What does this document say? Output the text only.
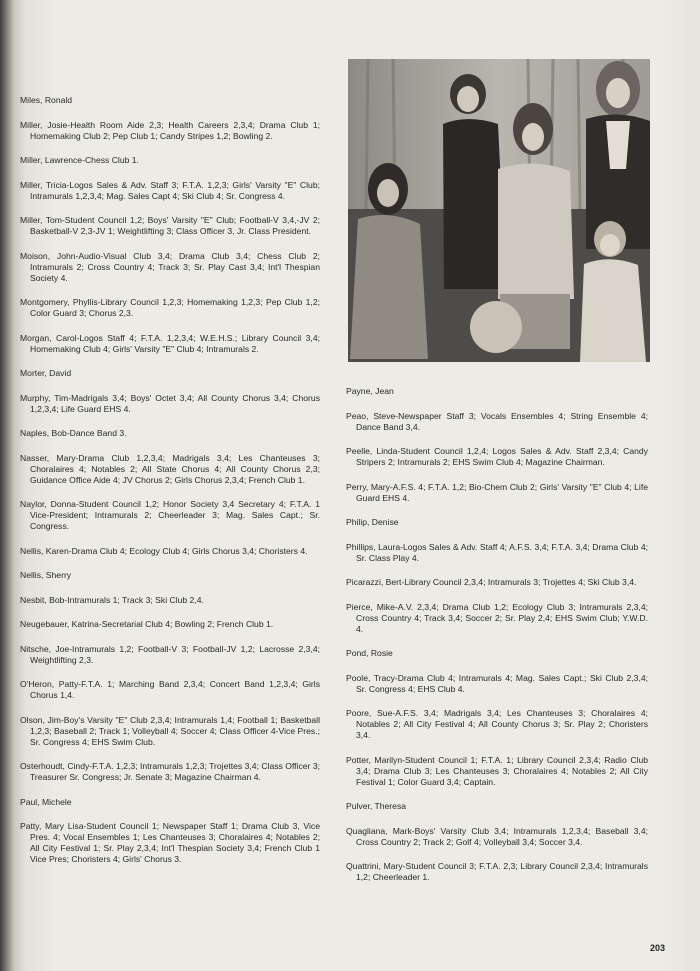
Miles, Ronald

Miller, Josie-Health Room Aide 2,3; Health Careers 2,3,4; Drama Club 1; Homemaking Club 2; Pep Club 1; Candy Stripes 1,2; Bowling 2.

Miller, Lawrence-Chess Club 1.

Miller, Tricia-Logos Sales & Adv. Staff 3; F.T.A. 1,2,3; Girls' Varsity "E" Club; Intramurals 1,2,3,4; Mag. Sales Capt 4; Ski Club 4; Sr. Congress 4.

Miller, Tom-Student Council 1,2; Boys' Varsity "E" Club; Football-V 3,4,-JV 2; Basketball-V 2,3-JV 1; Weightlifting 3; Class Officer 3, Jr. Class President.

Moison, John-Audio-Visual Club 3,4; Drama Club 3,4; Chess Club 2; Intramurals 2; Cross Country 4; Track 3; Sr. Play Cast 3,4; Int'l Thespian Society 4.

Montgomery, Phyllis-Library Council 1,2,3; Homemaking 1,2,3; Pep Club 1,2; Color Guard 3; Chorus 2,3.

Morgan, Carol-Logos Staff 4; F.T.A. 1,2,3,4; W.E.H.S.; Library Council 3,4; Homemaking Club 4; Girls' Varsity "E" Club 4; Intramurals 2.

Morter, David

Murphy, Tim-Madrigals 3,4; Boys' Octet 3,4; All County Chorus 3,4; Chorus 1,2,3,4; Life Guard EHS 4.

Naples, Bob-Dance Band 3.

Nasser, Mary-Drama Club 1,2,3,4; Madrigals 3,4; Les Chanteuses 3; Choralaires 4; Notables 2; All State Chorus 4; All County Chorus 2,3; Guidance Office Aide 4; JV Chorus 2; Girls Chorus 2,3,4; French Club 1.

Naylor, Donna-Student Council 1,2; Honor Society 3,4 Secretary 4; F.T.A. 1 Vice-President; Intramurals 2; Cheerleader 3; Mag. Sales Capt.; Sr. Congress.

Nellis, Karen-Drama Club 4; Ecology Club 4; Girls Chorus 3,4; Choristers 4.

Nellis, Sherry

Nesbit, Bob-Intramurals 1; Track 3; Ski Club 2,4.

Neugebauer, Katrina-Secretarial Club 4; Bowling 2; French Club 1.

Nitsche, Joe-Intramurals 1,2; Football-V 3; Football-JV 1,2; Lacrosse 2,3,4; Weightlifting 2,3.

O'Heron, Patty-F.T.A. 1; Marching Band 2,3,4; Concert Band 1,2,3,4; Girls Chorus 1,4.

Olson, Jim-Boy's Varsity "E" Club 2,3,4; Intramurals 1,4; Football 1; Basketball 1,2,3; Baseball 2; Track 1; Volleyball 4; Soccer 4; Class Officer 4-Vice Pres.; Sr. Congress 4; EHS Swim Club.

Osterhoudt, Cindy-F.T.A. 1,2,3; Intramurals 1,2,3; Trojettes 3,4; Class Officer 3; Treasurer Sr. Congress; Jr. Senate 3; Magazine Chairman 4.

Paul, Michele

Patty, Mary Lisa-Student Council 1; Newspaper Staff 1; Drama Club 3, Vice Pres. 4; Vocal Ensembles 1; Les Chanteuses 3; Choralaires 4; Notables 2; All City Festival 1; Sr. Play 2,3,4; Int'l Thespian Society 3,4; French Club 1 Vice Pres; Choristers 4; Girls' Chorus 3.

Payne, Jean

Peao, Steve-Newspaper Staff 3; Vocals Ensembles 4; String Ensemble 4; Dance Band 3,4.

Peelle, Linda-Student Council 1,2,4; Logos Sales & Adv. Staff 2,3,4; Candy Stripers 2; Intramurals 2; EHS Swim Club 4; Magazine Chairman.

Perry, Mary-A.F.S. 4; F.T.A. 1,2; Bio-Chem Club 2; Girls' Varsity "E" Club 4; Life Guard EHS 4.

Philip, Denise

Phillips, Laura-Logos Sales & Adv. Staff 4; A.F.S. 3,4; F.T.A. 3,4; Drama Club 4; Sr. Class Play 4.

Picarazzi, Bert-Library Council 2,3,4; Intramurals 3; Trojettes 4; Ski Club 3,4.

Pierce, Mike-A.V. 2,3,4; Drama Club 1,2; Ecology Club 3; Intramurals 2,3,4; Cross Country 4; Track 3,4; Soccer 2; Sr. Play 2,4; EHS Swim Club; Y.W.D. 4.

Pond, Rosie

Poole, Tracy-Drama Club 4; Intramurals 4; Mag. Sales Capt.; Ski Club 2,3,4; Sr. Congress 4; EHS Club 4.

Poore, Sue-A.F.S. 3,4; Madrigals 3,4; Les Chanteuses 3; Choralaires 4; Notables 2; All City Festival 4; All County Chorus 3; Sr. Play 2; Choristers 3,4.

Potter, Marilyn-Student Council 1; F.T.A. 1; Library Council 2,3,4; Radio Club 3,4; Drama Club 3; Les Chanteuses 3; Choralaires 4; Notables 2; All City Festival 1; Color Guard 3,4; Captain.

Pulver, Theresa

Quagliana, Mark-Boys' Varsity Club 3,4; Intramurals 1,2,3,4; Baseball 3,4; Cross Country 2; Track 2; Golf 4; Volleyball 3,4; Soccer 3,4.

Quattrini, Mary-Student Council 3; F.T.A. 2,3; Library Council 2,3,4; Intramurals 1,2; Cheerleader 1.

203
